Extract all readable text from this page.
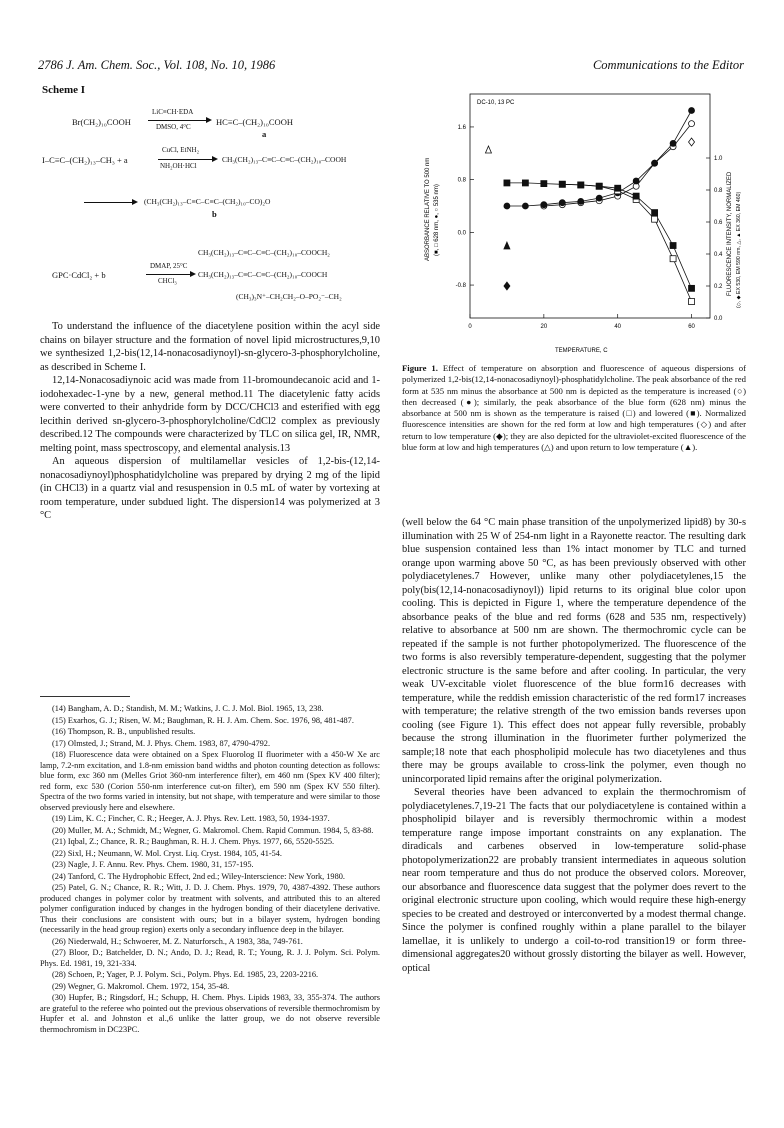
2786 J. Am. Chem. Soc., Vol. 108, No. 10, 1986	Communications to the Editor
Scheme I
Br(CH₂)₁₀COOH
LiC≡CH·EDA
DMSO, 4°C	HC≡C–(CH₂)₁₀COOH
a
I–C≡C–(CH₂)₁₃–CH₃ + a
CuCl, EtNH₂
NH₂OH·HCl
CH₃(CH₂)₁₃–C≡C–C≡C–(CH₂)₁₀–COOH
(CH₃(CH₂)₁₃–C≡C–C≡C–(CH₂)₁₀–CO)₂O
b
CH₃(CH₂)₁₃–C≡C–C≡C–(CH₂)₁₀–COOCH₂
GPC·CdCl₂ + b
DMAP, 25°C
CHCl₃
CH₃(CH₂)₁₃–C≡C–C≡C–(CH₂)₁₀–COOCH
(CH₃)₃N⁺–CH₂CH₂–O–PO₂⁻–CH₂

To understand the influence of the diacetylene position within the acyl side chains on bilayer structure and the formation of novel lipid microstructures,9,10 we synthesized 1,2-bis(12,14-nonacosadiynoyl)-sn-glycero-3-phosphorylcholine, as described in Scheme I.

12,14-Nonacosadiynoic acid was made from 11-bromoundecanoic acid and 1-iodohexadec-1-yne by a new, general method.11 The diacetylenic fatty acids were converted to their anhydride form by DCC/CHCl3 and esterified with egg lecithin derived sn-glycero-3-phosphorylcholine/CdCl2 complex as previously described.12 The compounds were characterized by TLC on silica gel, IR, NMR, melting point, mass spectroscopy, and elemental analysis.13

An aqueous dispersion of multilamellar vesicles of 1,2-bis-(12,14-nonacosadiynoyl)phosphatidylcholine was prepared by drying 2 mg of the lipid (in CHCl3) in a quartz vial and resuspension in 0.5 mL of water by vortexing at room temperature, under subdued light. The dispersion14 was polymerized at 3 °C

(14) Bangham, A. D.; Standish, M. M.; Watkins, J. C. J. Mol. Biol. 1965, 13, 238.
(15) Exarhos, G. J.; Risen, W. M.; Baughman, R. H. J. Am. Chem. Soc. 1976, 98, 481-487.
(16) Thompson, R. B., unpublished results.
(17) Olmsted, J.; Strand, M. J. Phys. Chem. 1983, 87, 4790-4792.
(18) Fluorescence data were obtained on a Spex Fluorolog II fluorimeter with a 450-W Xe arc lamp, 7.2-nm excitation, and 1.8-nm emission band widths and photon counting detection as follows: blue form, exc 360 nm (Melles Griot 360-nm interference filter), em 460 nm (Spex KV 400 filter); red form, exc 530 (Corion 550-nm interference cut-on filter), em 590 nm (Spex KV 550 filter). Spectra of the two forms varied in intensity, but not shape, with temperature and were similar to those observed previously here and elsewhere.
(19) Lim, K. C.; Fincher, C. R.; Heeger, A. J. Phys. Rev. Lett. 1983, 50, 1934-1937.
(20) Muller, M. A.; Schmidt, M.; Wegner, G. Makromol. Chem. Rapid Commun. 1984, 5, 83-88.
(21) Iqbal, Z.; Chance, R. R.; Baughman, R. H. J. Chem. Phys. 1977, 66, 5520-5525.
(22) Sixl, H.; Neumann, W. Mol. Cryst. Liq. Cryst. 1984, 105, 41-54.
(23) Nagle, J. F. Annu. Rev. Phys. Chem. 1980, 31, 157-195.
(24) Tanford, C. The Hydrophobic Effect, 2nd ed.; Wiley-Interscience: New York, 1980.
(25) Patel, G. N.; Chance, R. R.; Witt, J. D. J. Chem. Phys. 1979, 70, 4387-4392. These authors produced changes in polymer color by treatment with solvents, and attributed this to an altered polymer configuration induced by changes in the hydrogen bonding of their diacetylene derivative. Thus their conclusions are consistent with ours; but in a bilayer system, hydrogen bonding (necessarily in the head group region) exerts only a secondary influence deep in the bilayer.
(26) Niederwald, H.; Schwoerer, M. Z. Naturforsch., A 1983, 38a, 749-761.
(27) Bloor, D.; Batchelder, D. N.; Ando, D. J.; Read, R. T.; Young, R. J. J. Polym. Sci. Polym. Phys. Ed. 1981, 19, 321-334.
(28) Schoen, P.; Yager, P. J. Polym. Sci., Polym. Phys. Ed. 1985, 23, 2203-2216.
(29) Wegner, G. Makromol. Chem. 1972, 154, 35-48.
(30) Hupfer, B.; Ringsdorf, H.; Schupp, H. Chem. Phys. Lipids 1983, 33, 355-374. The authors are grateful to the referee who pointed out the previous observations of reversible thermochromism by Hupfer et al. and Johnston et al.,6 unlike the latter group, we do not observe reversible thermochromism in DC23PC.
DC-10, 13 PC
0	20	40	60
-0.8
0.0
0.8
1.6
0.0
0.2
0.4
0.6
0.8
1.0
TEMPERATURE, C
ABSORBANCE RELATIVE TO 500 nm (■, □ 628 nm, ●, ○ 535 nm)	FLUORESCENCE INTENSITY, NORMALIZED (◇, ◆ EX 530, EM 590 nm, △, ▲ EX 360, EM 460)
Figure 1. Effect of temperature on absorption and fluorescence of aqueous dispersions of polymerized 1,2-bis(12,14-nonacosadiynoyl)-phosphatidylcholine. The peak absorbance of the red form at 535 nm minus the absorbance at 500 nm is depicted as the temperature is increased (○) then decreased (●); similarly, the peak absorbance of the blue form (628 nm) minus the absorbance at 500 nm is shown as the temperature is raised (□) and lowered (■). Normalized fluorescence intensities are shown for the red form at low and high temperatures (◇) and after return to low temperature (◆); they are also depicted for the ultraviolet-excited fluorescence of the blue form at low and high temperatures (△) and upon return to low temperature (▲).

(well below the 64 °C main phase transition of the unpolymerized lipid8) by 30-s illumination with 25 W of 254-nm light in a Rayonette reactor. The resulting dark blue suspension contained less than 1% intact monomer by TLC and turned orange upon warming above 50 °C, as has been previously observed with other polydiacetylenes.7 However, unlike many other polydiacetylenes,15 the poly(bis(12,14-nonacosadiynoyl)) lipid returns to its original blue color upon cooling. This is depicted in Figure 1, where the temperature dependence of the absorbance peaks of the blue and red forms (628 and 535 nm, respectively) relative to absorbance at 500 nm are shown. The thermochromic cycle can be repeated if the sample is not further photopolymerized. The fluorescence of the two forms is also reversibly temperature-dependent, suggesting that the polymer electronic structure is the same before and after cooling. In particular, the very weak UV-excitable violet fluorescence of the blue form16 decreases with temperature, while the reddish emission characteristic of the red form17 increases with temperature; the relative strength of the two emission bands reverses upon cooling (see Figure 1). This effect does not appear fully reversible, probably because the strong illumination in the fluorimeter further polymerized the sample;18 note that each phospholipid molecule has two diacetylenes and thus there may be groups available to cross-link the polymer, even though no unincorporated lipid remains after the original polymerization.

Several theories have been advanced to explain the thermochromism of polydiacetylenes.7,19-21 The facts that our polydiacetylene is contained within a phospholipid bilayer and is reversibly thermochromic within a modest temperature range impose important constraints on any explanation. The diradicals and carbenes observed in low-temperature solid-phase photopolymerization22 are probably transient intermediates in aqueous solution near room temperature and thus do not produce the observed colors. Moreover, our absorbance and fluorescence data suggest that the polymer does revert to the original electronic structure upon cooling, which would require these high-energy species to be created and destroyed or interconverted by a modest thermal change. Since the polymer is confined roughly within a plane parallel to the bilayer lamellae, it is unlikely to undergo a coil-to-rod transition19 or form three-dimensional aggregates20 without grossly distorting the bilayer as well. However, optical
